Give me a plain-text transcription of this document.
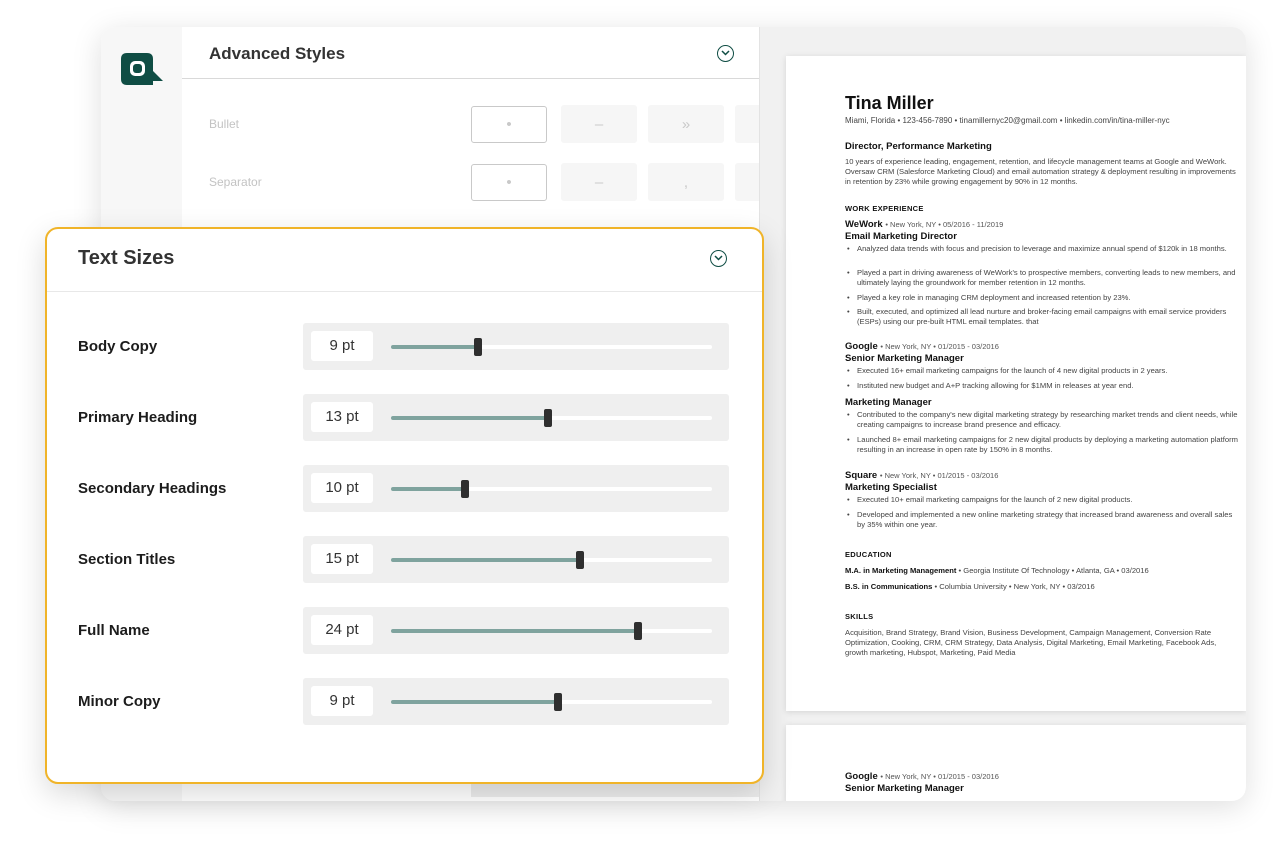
Advanced Styles
Bullet	•	–	»
Separator	•	–	,
Tina Miller
Miami, Florida • 123-456-7890 • tinamillernyc20@gmail.com • linkedin.com/in/tina-miller-nyc
Director, Performance Marketing
10 years of experience leading, engagement, retention, and lifecycle management teams at Google and WeWork. Oversaw CRM (Salesforce Marketing Cloud) and email automation strategy & deployment resulting in improvements in retention by 23% while growing engagement by 90% in 12 months.
WORK EXPERIENCE
WeWork • New York, NY • 05/2016 - 11/2019
Email Marketing Director
• Analyzed data trends with focus and precision to leverage and maximize annual spend of $120k in 18 months.
• Played a part in driving awareness of WeWork's to prospective members, converting leads to new members, and ultimately laying the groundwork for member retention in 12 months.
• Played a key role in managing CRM deployment and increased retention by 23%.
• Built, executed, and optimized all lead nurture and broker-facing email campaigns with email service providers (ESPs) using our pre-built HTML email templates. that
Google • New York, NY • 01/2015 - 03/2016
Senior Marketing Manager
• Executed 16+ email marketing campaigns for the launch of 4 new digital products in 2 years.
• Instituted new budget and A+P tracking allowing for $1MM in releases at year end.
Marketing Manager
• Contributed to the company's new digital marketing strategy by researching market trends and client needs, while creating campaigns to increase brand presence and efficacy.
• Launched 8+ email marketing campaigns for 2 new digital products by deploying a marketing automation platform resulting in an increase in open rate by 150% in 8 months.
Square • New York, NY • 01/2015 - 03/2016
Marketing Specialist
• Executed 10+ email marketing campaigns for the launch of 2 new digital products.
• Developed and implemented a new online marketing strategy that increased brand awareness and overall sales by 35% within one year.
EDUCATION
M.A. in Marketing Management • Georgia Institute Of Technology • Atlanta, GA • 03/2016
B.S. in Communications • Columbia University • New York, NY • 03/2016
SKILLS
Acquisition, Brand Strategy, Brand Vision, Business Development, Campaign Management, Conversion Rate Optimization, Cooking, CRM, CRM Strategy, Data Analysis, Digital Marketing, Email Marketing, Facebook Ads, growth marketing, Hubspot, Marketing, Paid Media
Google • New York, NY • 01/2015 - 03/2016
Senior Marketing Manager
Text Sizes
Body Copy	9 pt
Primary Heading	13 pt
Secondary Headings	10 pt
Section Titles	15 pt
Full Name	24 pt
Minor Copy	9 pt
